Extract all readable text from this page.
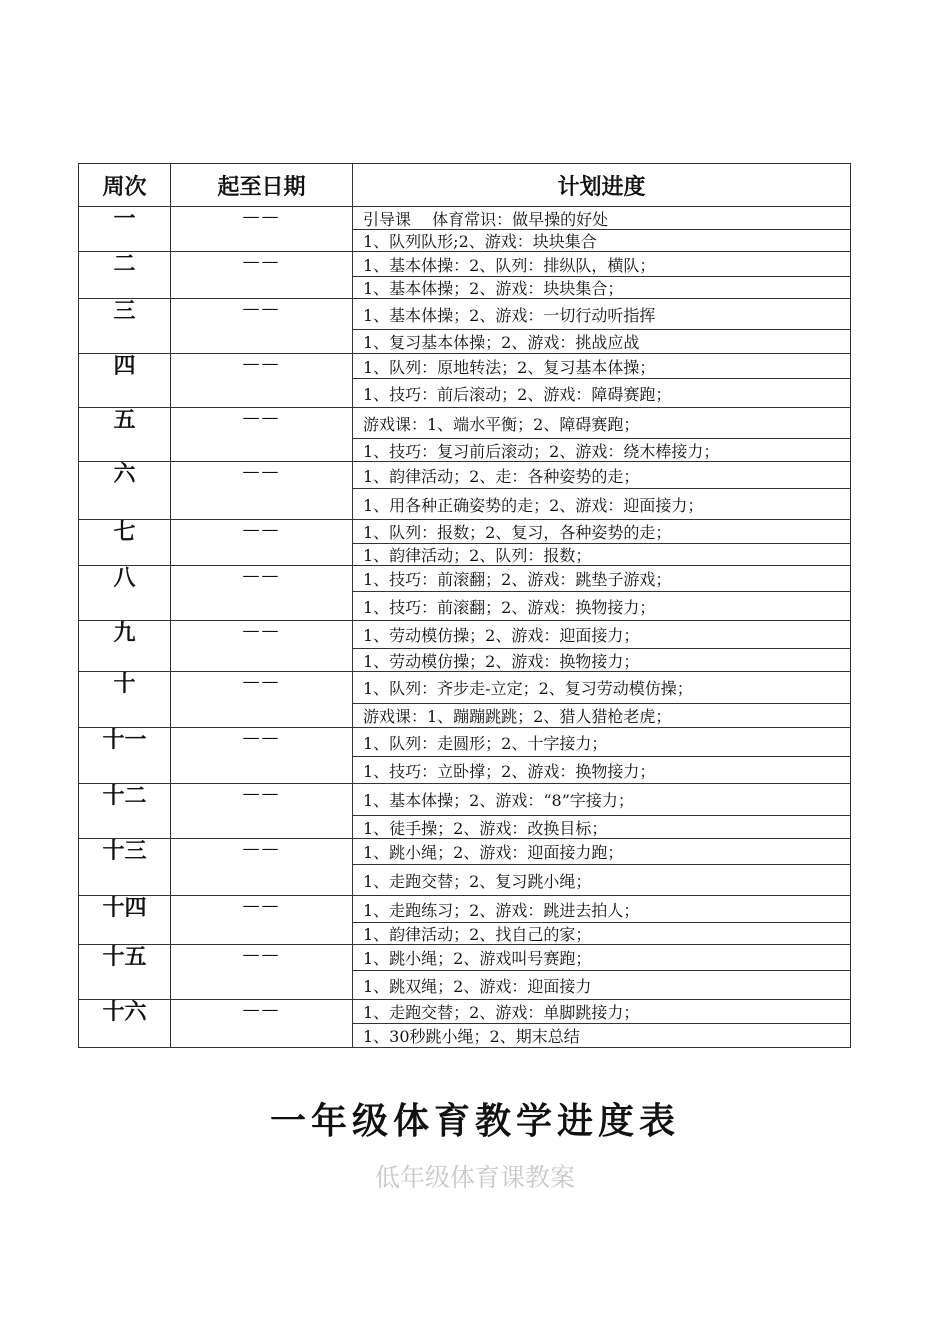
周次	起至日期	计划进度
一	——	引导课　 体育常识：做早操的好处
1、队列队形;2、游戏：块块集合

二	——	1、基本体操：2、队列：排纵队，横队；
1、基本体操；2、游戏：块块集合；

三	——	1、基本体操；2、游戏：一切行动听指挥
1、复习基本体操；2、游戏：挑战应战

四	——	1、队列：原地转法；2、复习基本体操；
1、技巧：前后滚动；2、游戏：障碍赛跑；

五	——	游戏课：1、端水平衡；2、障碍赛跑；
1、技巧：复习前后滚动；2、游戏：绕木棒接力；

六	——	1、韵律活动；2、走：各种姿势的走；
1、用各种正确姿势的走；2、游戏：迎面接力；

七	——	1、队列：报数；2、复习，各种姿势的走；
1、韵律活动；2、队列：报数；

八	——	1、技巧：前滚翻；2、游戏：跳垫子游戏；
1、技巧：前滚翻；2、游戏：换物接力；

九	——	1、劳动模仿操；2、游戏：迎面接力；
1、劳动模仿操；2、游戏：换物接力；

十	——	1、队列：齐步走-立定；2、复习劳动模仿操；
游戏课：1、蹦蹦跳跳；2、猎人猎枪老虎；

十一	——	1、队列：走圆形；2、十字接力；
1、技巧：立卧撑；2、游戏：换物接力；

十二	——	1、基本体操；2、游戏：“8”字接力；
1、徒手操；2、游戏：改换目标；

十三	——	1、跳小绳；2、游戏：迎面接力跑；
1、走跑交替；2、复习跳小绳；

十四	——	1、走跑练习；2、游戏：跳进去拍人；
1、韵律活动；2、找自己的家；

十五	——	1、跳小绳；2、游戏叫号赛跑；
1、跳双绳；2、游戏：迎面接力

十六	——	1、走跑交替；2、游戏：单脚跳接力；
1、30秒跳小绳；2、期末总结
一年级体育教学进度表
低年级体育课教案
